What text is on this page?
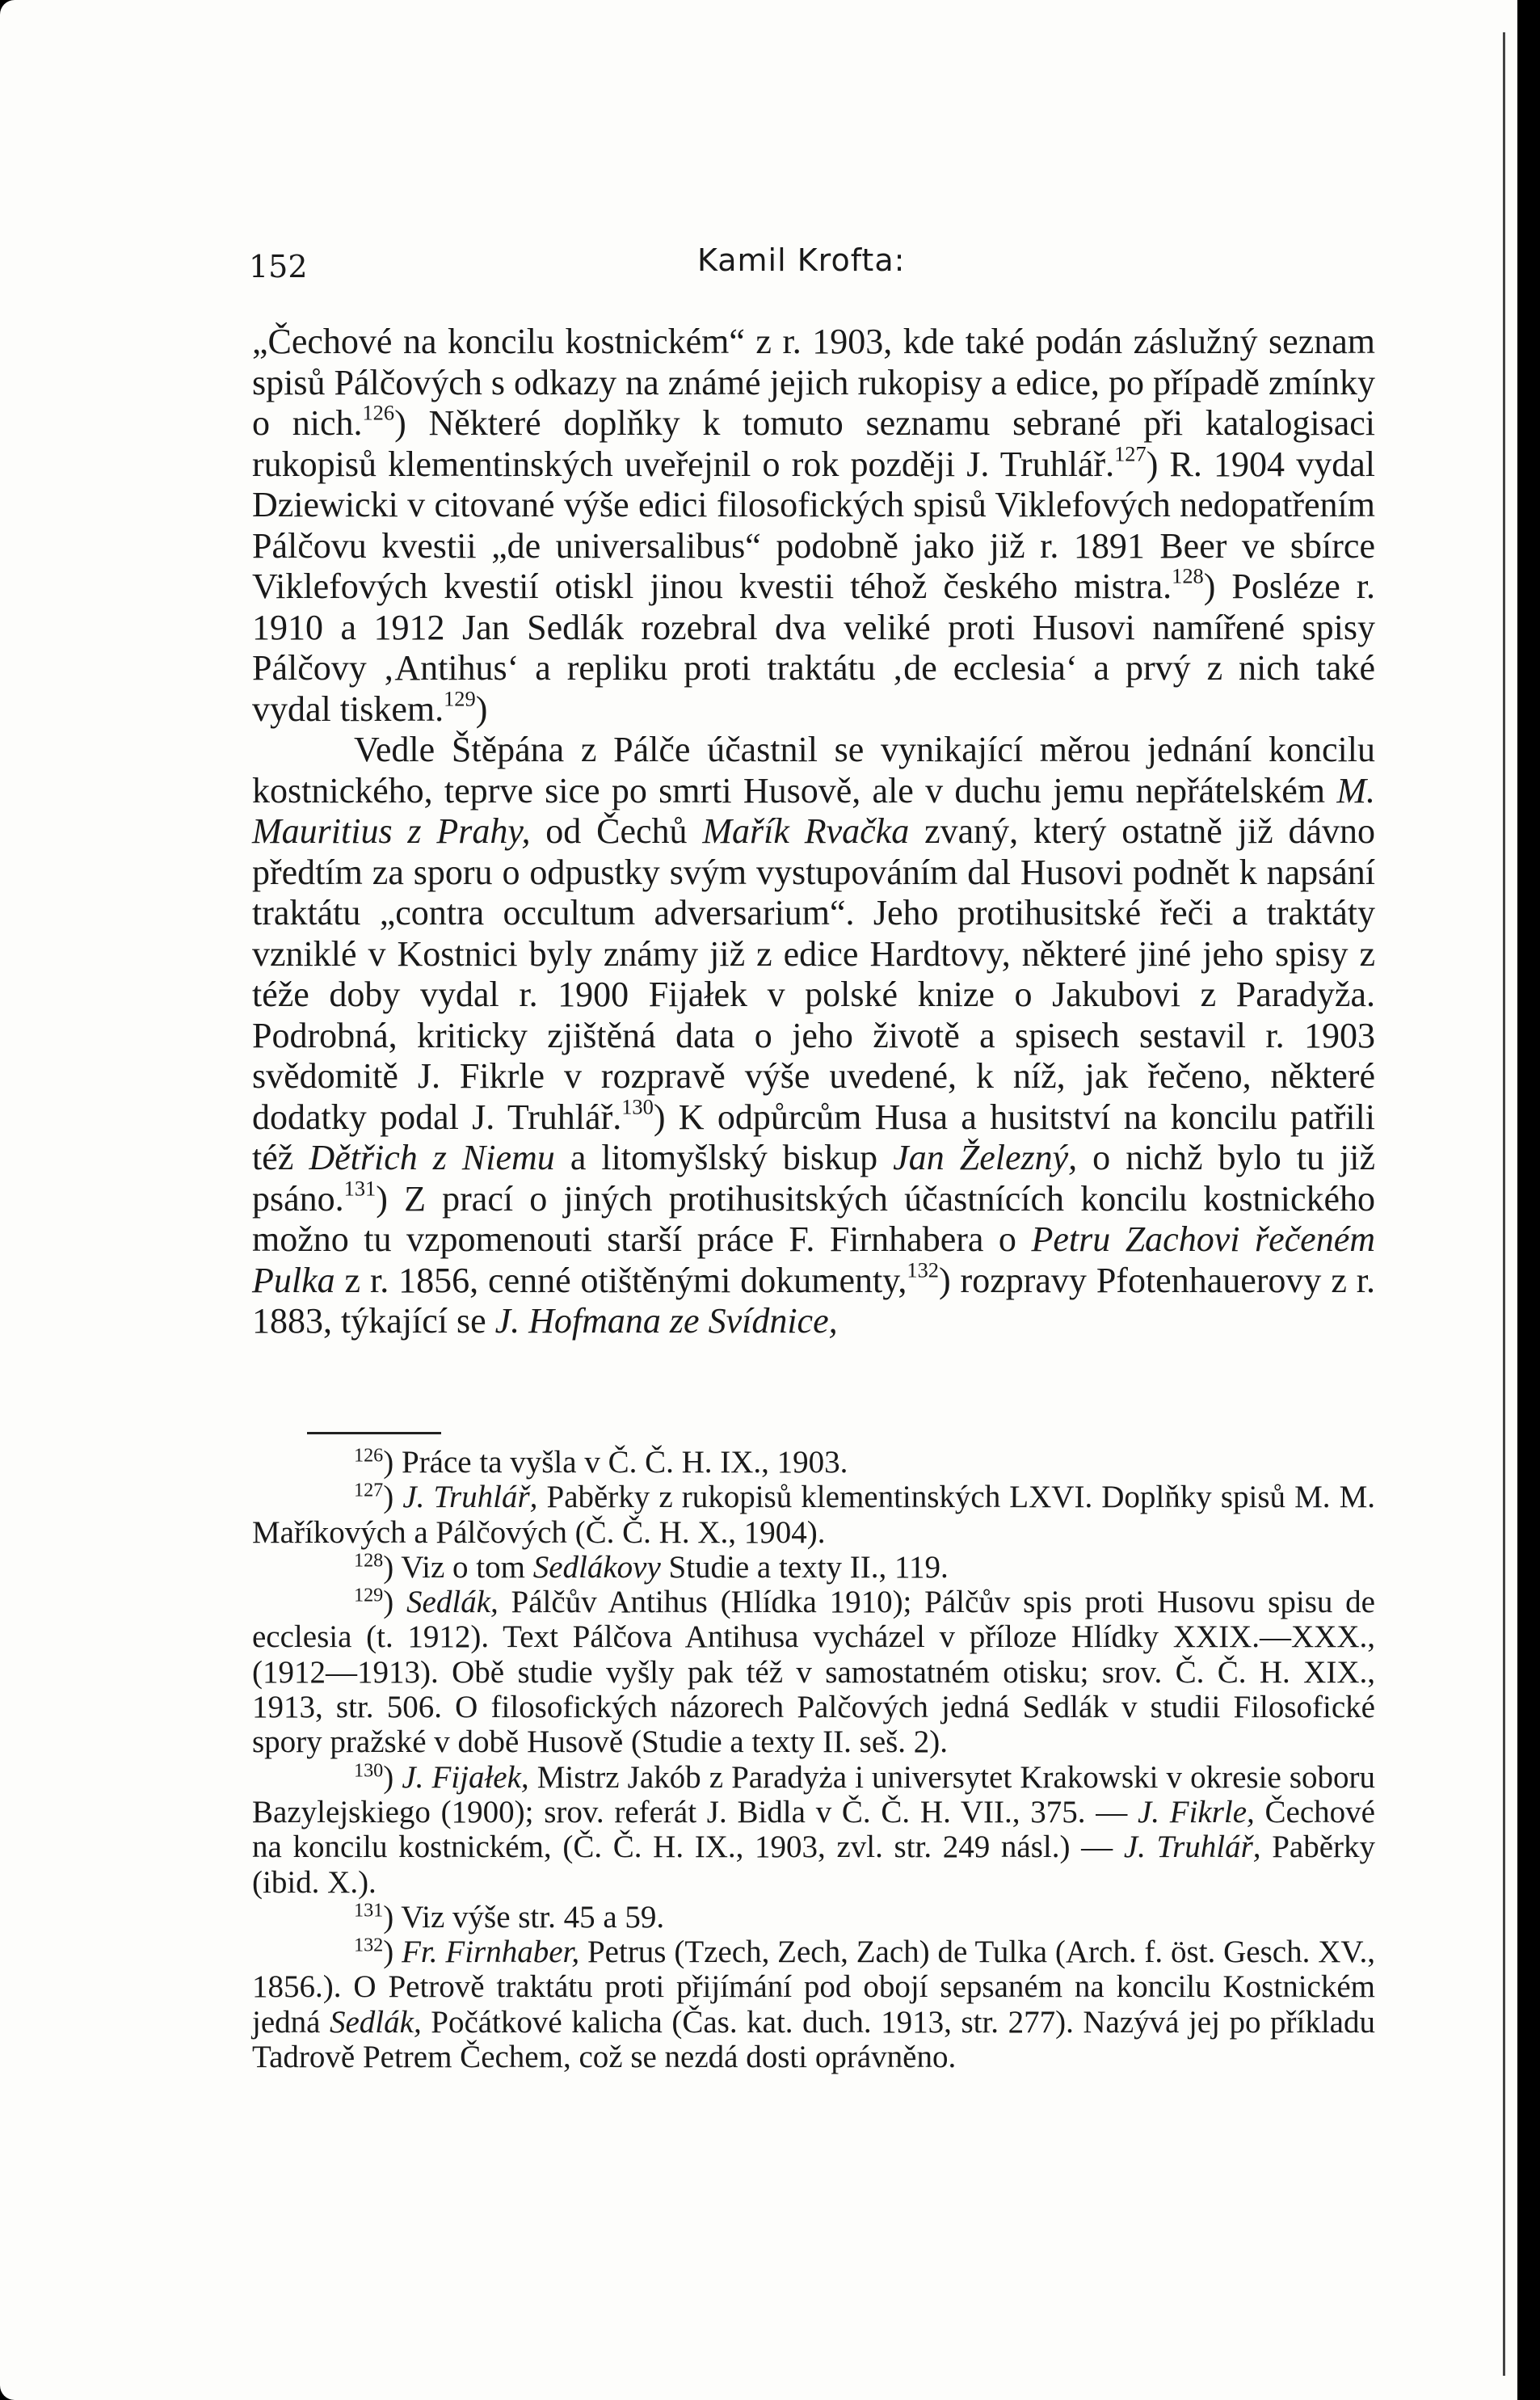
152	Kamil Krofta:

„Čechové na koncilu kostnickém“ z r. 1903, kde také podán záslužný seznam spisů Pálčových s odkazy na známé jejich rukopisy a edice, po případě zmínky o nich.$^{126}$) Některé doplňky k tomuto seznamu sebrané při katalogisaci rukopisů klementinských uveřejnil o rok později J. Truhlář.$^{127}$) R. 1904 vydal Dziewicki v citované výše edici filosofických spisů Viklefových nedopatřením Pálčovu kvestii „de universalibus“ podobně jako již r. 1891 Beer ve sbírce Viklefových kvestií otiskl jinou kvestii téhož českého mistra.$^{128}$) Posléze r. 1910 a 1912 Jan Sedlák rozebral dva veliké proti Husovi namířené spisy Pálčovy ‚Antihus‘ a repliku proti traktátu ‚de ecclesia‘ a prvý z nich také vydal tiskem.$^{129}$)

Vedle Štěpána z Pálče účastnil se vynikající měrou jednání koncilu kostnického, teprve sice po smrti Husově, ale v duchu jemu nepřátelském M. Mauritius z Prahy, od Čechů Mařík Rvačka zvaný, který ostatně již dávno předtím za sporu o odpustky svým vystupováním dal Husovi podnět k napsání traktátu „contra occultum adversarium“. Jeho protihusitské řeči a traktáty vzniklé v Kostnici byly známy již z edice Hardtovy, některé jiné jeho spisy z téže doby vydal r. 1900 Fijałek v polské knize o Jakubovi z Paradyža. Podrobná, kriticky zjištěná data o jeho životě a spisech sestavil r. 1903 svědomitě J. Fikrle v rozpravě výše uvedené, k níž, jak řečeno, některé dodatky podal J. Truhlář.$^{130}$) K odpůrcům Husa a husitství na koncilu patřili též Dětřich z Niemu a litomyšlský biskup Jan Železný, o nichž bylo tu již psáno.$^{131}$) Z prací o jiných protihusitských účastnících koncilu kostnického možno tu vzpomenouti starší práce F. Firnhabera o Petru Zachovi řečeném Pulka z r. 1856, cenné otištěnými dokumenty,$^{132}$) rozpravy Pfotenhauerovy z r. 1883, týkající se J. Hofmana ze Svídnice,

$^{126}$) Práce ta vyšla v Č. Č. H. IX., 1903.

$^{127}$) J. Truhlář, Paběrky z rukopisů klementinských LXVI. Doplňky spisů M. M. Maříkových a Pálčových (Č. Č. H. X., 1904).

$^{128}$) Viz o tom Sedlákovy Studie a texty II., 119.

$^{129}$) Sedlák, Pálčův Antihus (Hlídka 1910); Pálčův spis proti Husovu spisu de ecclesia (t. 1912). Text Pálčova Antihusa vycházel v příloze Hlídky XXIX.—XXX., (1912—1913). Obě studie vyšly pak též v samostatném otisku; srov. Č. Č. H. XIX., 1913, str. 506. O filosofických názorech Palčových jedná Sedlák v studii Filosofické spory pražské v době Husově (Studie a texty II. seš. 2).

$^{130}$) J. Fijałek, Mistrz Jakób z Paradyża i universytet Krakowski v okresie soboru Bazylejskiego (1900); srov. referát J. Bidla v Č. Č. H. VII., 375. — J. Fikrle, Čechové na koncilu kostnickém, (Č. Č. H. IX., 1903, zvl. str. 249 násl.) — J. Truhlář, Paběrky (ibid. X.).

$^{131}$) Viz výše str. 45 a 59.

$^{132}$) Fr. Firnhaber, Petrus (Tzech, Zech, Zach) de Tulka (Arch. f. öst. Gesch. XV., 1856.). O Petrově traktátu proti přijímání pod obojí sepsaném na koncilu Kostnickém jedná Sedlák, Počátkové kalicha (Čas. kat. duch. 1913, str. 277). Nazývá jej po příkladu Tadrově Petrem Čechem, což se nezdá dosti oprávněno.
